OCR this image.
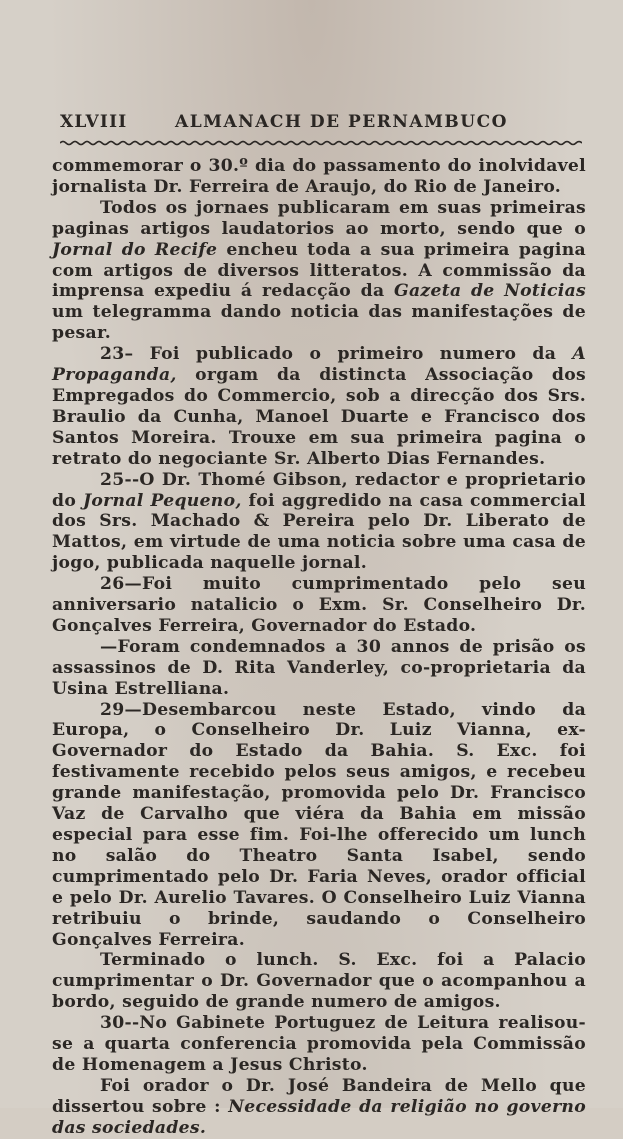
XLVIII	ALMANACH DE PERNAMBUCO

commemorar o 30.º dia do passamento do inolvidavel jornalista Dr. Ferreira de Araujo, do Rio de Janeiro.

Todos os jornaes publicaram em suas primeiras paginas artigos laudatorios ao morto, sendo que o Jornal do Recife encheu toda a sua primeira pagina com artigos de diversos litteratos. A commissão da imprensa expediu á redacção da Gazeta de Noticias um telegramma dando noticia das manifestações de pesar.

23– Foi publicado o primeiro numero da A Propaganda, orgam da distincta Associação dos Empregados do Commercio, sob a direcção dos Srs. Braulio da Cunha, Manoel Duarte e Francisco dos Santos Moreira. Trouxe em sua primeira pagina o retrato do negociante Sr. Alberto Dias Fernandes.

25--O Dr. Thomé Gibson, redactor e proprietario do Jornal Pequeno, foi aggredido na casa commercial dos Srs. Machado & Pereira pelo Dr. Liberato de Mattos, em virtude de uma noticia sobre uma casa de jogo, publicada naquelle jornal.

26—Foi muito cumprimentado pelo seu anniversario natalicio o Exm. Sr. Conselheiro Dr. Gonçalves Ferreira, Governador do Estado.

—Foram condemnados a 30 annos de prisão os assassinos de D. Rita Vanderley, co-proprietaria da Usina Estrelliana.

29—Desembarcou neste Estado, vindo da Europa, o Conselheiro Dr. Luiz Vianna, ex-Governador do Estado da Bahia. S. Exc. foi festivamente recebido pelos seus amigos, e recebeu grande manifestação, promovida pelo Dr. Francisco Vaz de Carvalho que viéra da Bahia em missão especial para esse fim. Foi-lhe offerecido um lunch no salão do Theatro Santa Isabel, sendo cumprimentado pelo Dr. Faria Neves, orador official e pelo Dr. Aurelio Tavares. O Conselheiro Luiz Vianna retribuiu o brinde, saudando o Conselheiro Gonçalves Ferreira.

Terminado o lunch. S. Exc. foi a Palacio cumprimentar o Dr. Governador que o acompanhou a bordo, seguido de grande numero de amigos.

30--No Gabinete Portuguez de Leitura realisou-se a quarta conferencia promovida pela Commissão de Homenagem a Jesus Christo.

Foi orador o Dr. José Bandeira de Mello que dissertou sobre : Necessidade da religião no governo das sociedades.
